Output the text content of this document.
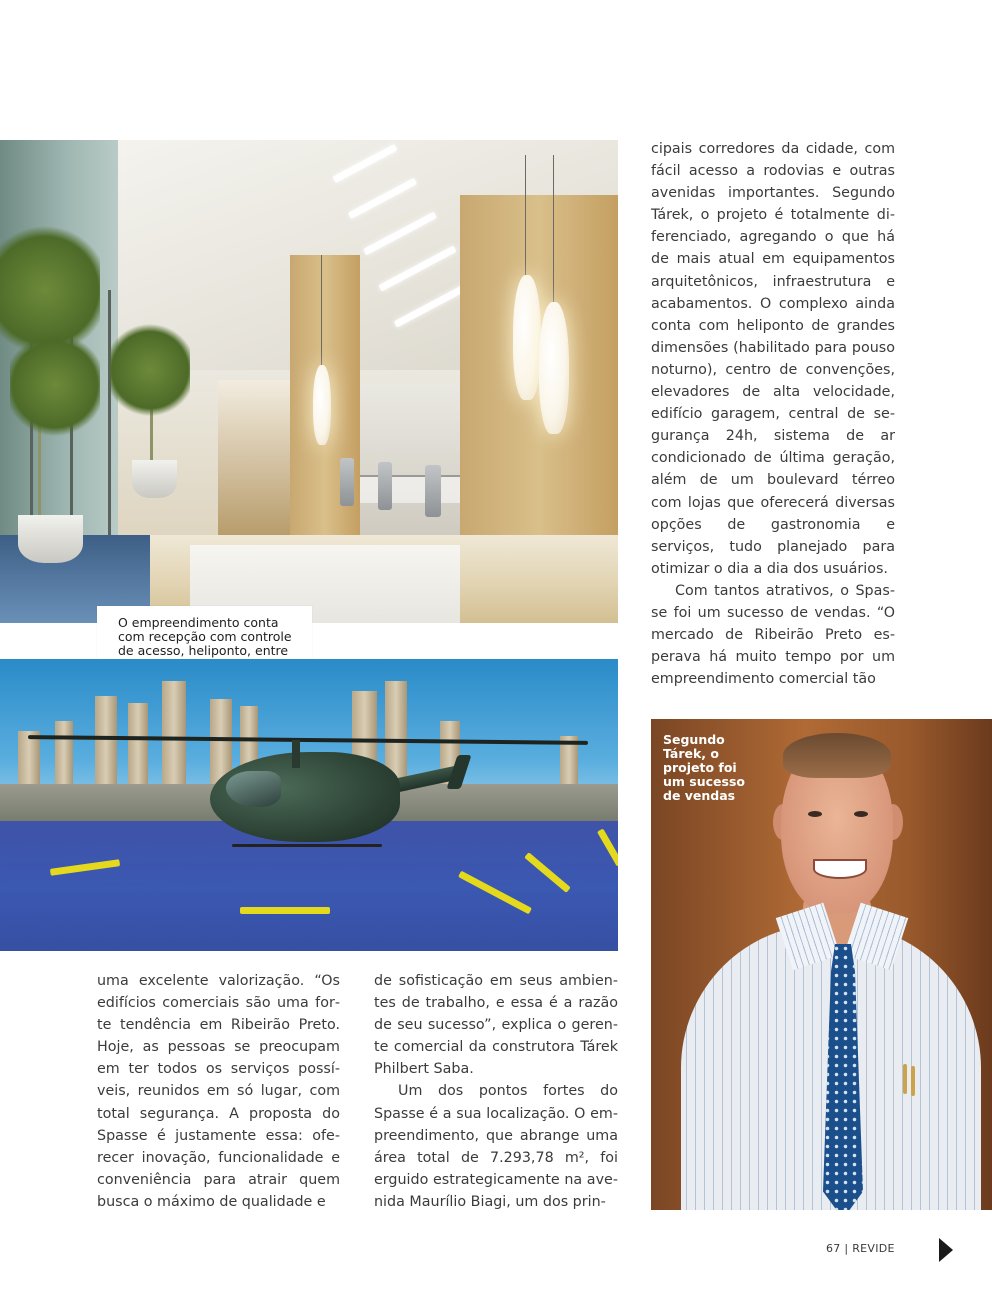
O empreendimento conta com recepção com controle de acesso, heliponto, entre
Segundo Tárek, o projeto foi um sucesso de vendas

cipais corredores da cidade, com fácil acesso a rodovias e outras avenidas importantes. Segundo Tárek, o projeto é totalmente diferenciado, agregando o que há de mais atual em equipamentos arquitetônicos, infraestrutura e acabamentos. O complexo ainda conta com heliponto de grandes dimensões (habilitado para pouso noturno), centro de convenções, elevadores de alta velocidade, edifício garagem, central de segurança 24h, sistema de ar condicionado de última geração, além de um boulevard térreo com lojas que oferecerá diversas opções de gastronomia e serviços, tudo planejado para otimizar o dia a dia dos usuários.

Com tantos atrativos, o Spasse foi um sucesso de vendas. “O mercado de Ribeirão Preto esperava há muito tempo por um empreendimento comercial tão

uma excelente valorização. “Os edifícios comerciais são uma forte tendência em Ribeirão Preto. Hoje, as pessoas se preocupam em ter todos os serviços possíveis, reunidos em só lugar, com total segurança. A proposta do Spasse é justamente essa: oferecer inovação, funcionalidade e conveniência para atrair quem busca o máximo de qualidade e

de sofisticação em seus ambientes de trabalho, e essa é a razão de seu sucesso”, explica o gerente comercial da construtora Tárek Philbert Saba.

Um dos pontos fortes do Spasse é a sua localização. O empreendimento, que abrange uma área total de 7.293,78 m², foi erguido estrategicamente na avenida Maurílio Biagi, um dos prin-

67 | REVIDE
